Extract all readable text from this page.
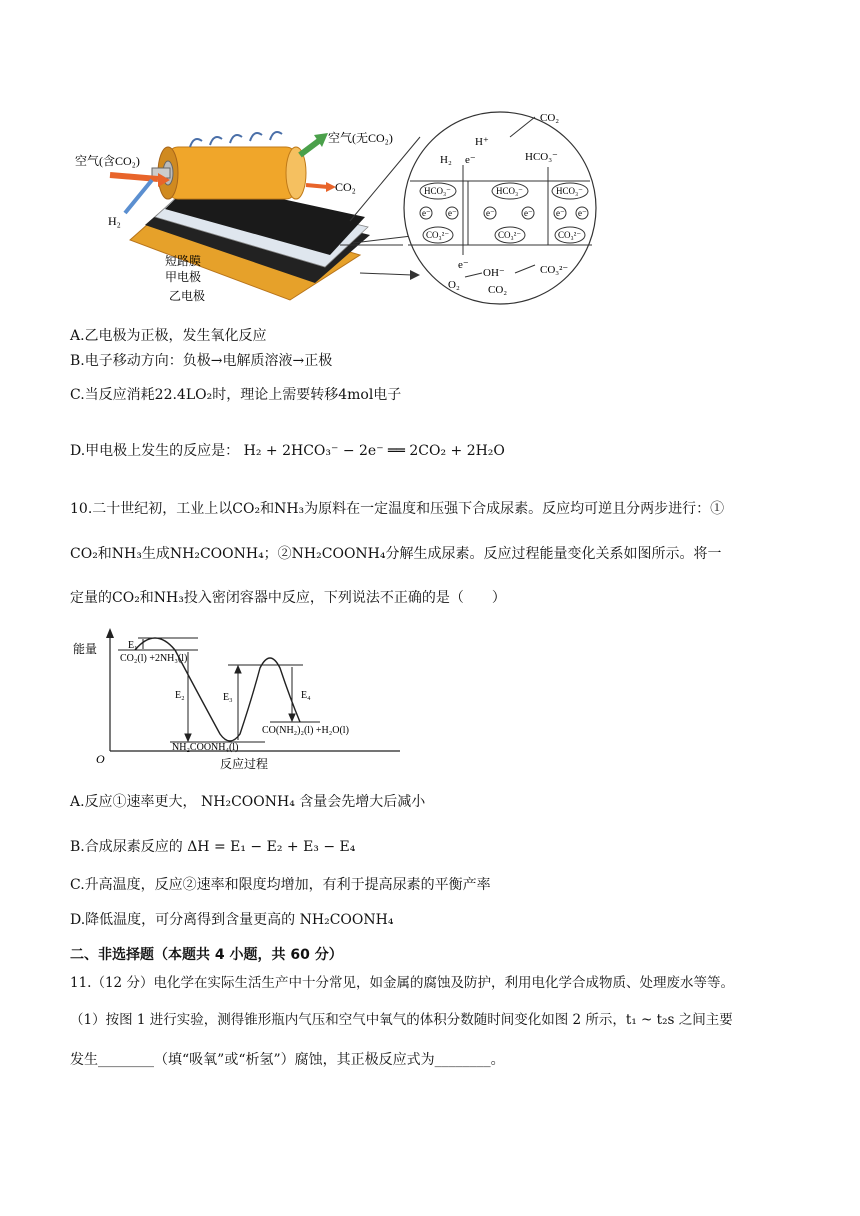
空气(含CO₂)
空气(无CO₂)
CO₂
H₂
短路膜
甲电极
乙电极
CO₂
H⁺
H₂ e⁻	HCO₃⁻
HCO₃⁻	HCO₃⁻	HCO₃⁻
e⁻ e⁻	e⁻	e⁻	e⁻ e⁻
CO₃²⁻	CO₃²⁻	CO₃²⁻
e⁻
O₂
OH⁻
CO₂
CO₃²⁻
A.乙电极为正极，发生氧化反应
B.电子移动方向：负极→电解质溶液→正极
C.当反应消耗22.4LO₂时，理论上需要转移4mol电子
D.甲电极上发生的反应是： H₂ + 2HCO₃⁻ − 2e⁻ ══ 2CO₂ + 2H₂O
10.二十世纪初，工业上以CO₂和NH₃为原料在一定温度和压强下合成尿素。反应均可逆且分两步进行：①
CO₂和NH₃生成NH₂COONH₄；②NH₂COONH₄分解生成尿素。反应过程能量变化关系如图所示。将一
定量的CO₂和NH₃投入密闭容器中反应，下列说法不正确的是（　　）
能量
O	反应过程
E₁
E₂	E₃	E₄
CO₂(l) +2NH₃(l)
NH₂COONH₄(l)
CO(NH₂)₂(l) +H₂O(l)
A.反应①速率更大， NH₂COONH₄ 含量会先增大后减小
B.合成尿素反应的 ΔH = E₁ − E₂ + E₃ − E₄
C.升高温度，反应②速率和限度均增加，有利于提高尿素的平衡产率
D.降低温度，可分离得到含量更高的 NH₂COONH₄
二、非选择题（本题共 4 小题，共 60 分）
11.（12 分）电化学在实际生活生产中十分常见，如金属的腐蚀及防护，利用电化学合成物质、处理废水等等。
（1）按图 1 进行实验，测得锥形瓶内气压和空气中氧气的体积分数随时间变化如图 2 所示，t₁ ~ t₂s 之间主要
发生________（填“吸氧”或“析氢”）腐蚀，其正极反应式为________。
